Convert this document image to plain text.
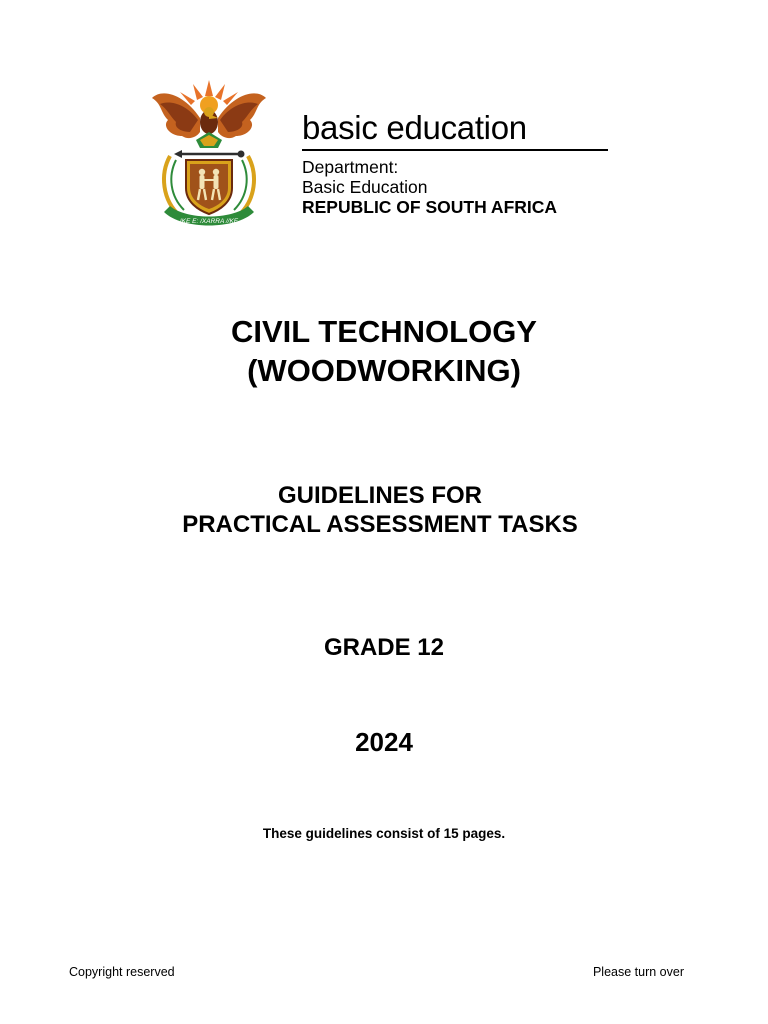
!KE E: /XARRA //KE
basic education
Department:
Basic Education
REPUBLIC OF SOUTH AFRICA
CIVIL TECHNOLOGY
(WOODWORKING)
GUIDELINES FOR
PRACTICAL ASSESSMENT TASKS
GRADE 12
2024
These guidelines consist of 15 pages.
Copyright reserved	Please turn over
